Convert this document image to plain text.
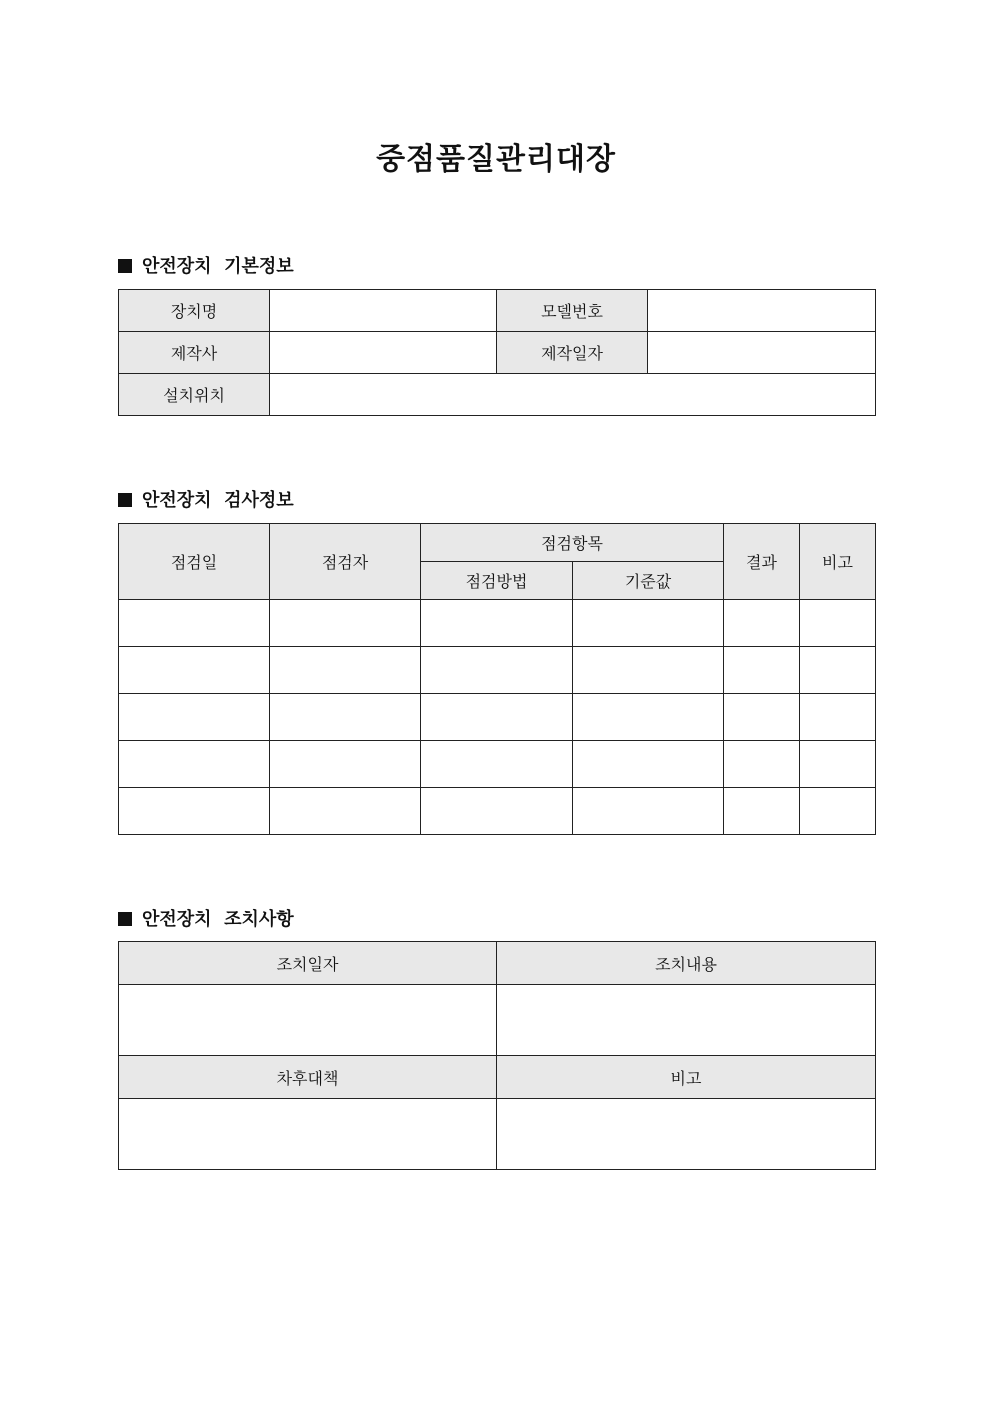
중점품질관리대장
안전장치  기본정보
장치명		모델번호	
제작사		제작일자	
설치위치			
안전장치  검사정보
점검일	점검자	점검항목		결과	비고
		점검방법	기준값		

안전장치  조치사항
조치일자	조치내용

차후대책	비고
